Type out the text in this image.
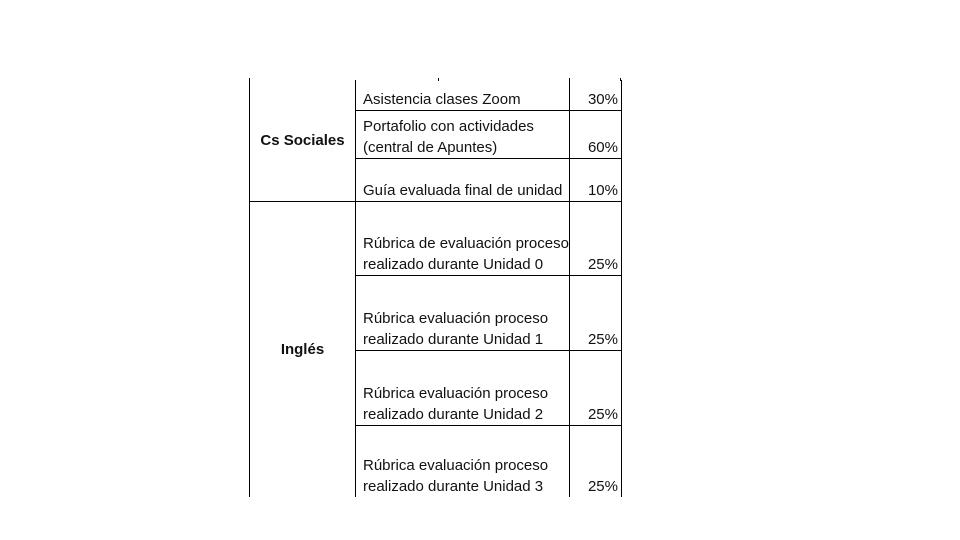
Cs Sociales	Asistencia clases Zoom	30%
	Portafolio con actividades (central de Apuntes)	60%
	Guía evaluada final de unidad	10%
Inglés	Rúbrica de evaluación proceso realizado durante Unidad 0	25%
	Rúbrica evaluación proceso realizado durante Unidad 1	25%
	Rúbrica evaluación proceso realizado durante Unidad 2	25%
	Rúbrica evaluación proceso realizado durante Unidad 3	25%
